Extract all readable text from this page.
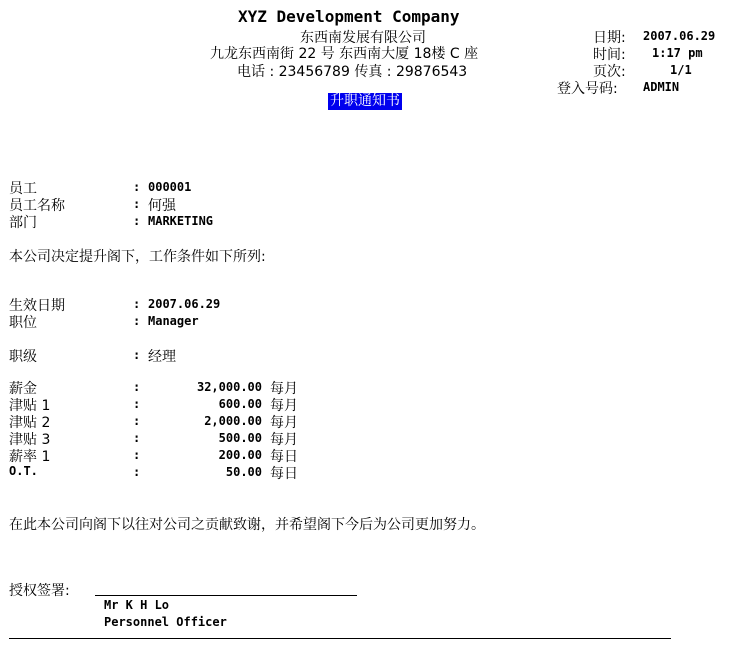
XYZ Development Company
东西南发展有限公司
九龙东西南街 22 号 东西南大厦 18楼 C 座
电话 : 23456789 传真 : 29876543
日期: 2007.06.29
时间: 1:17 pm
页次:	1/1
登入号码: ADMIN
升职通知书
员工	: 000001
员工名称	: 何强
部门	: MARKETING
本公司决定提升阁下，工作条件如下所列:
生效日期	: 2007.06.29
职位	: Manager
职级	: 经理
薪金	:	32,000.00 每月
津贴 1	:	600.00 每月
津贴 2	:	2,000.00 每月
津贴 3	:	500.00 每月
薪率 1	:	200.00 每日
O.T.	:	50.00 每日
在此本公司向阁下以往对公司之贡献致谢，并希望阁下今后为公司更加努力。
授权签署:
Mr K H Lo
Personnel Officer
